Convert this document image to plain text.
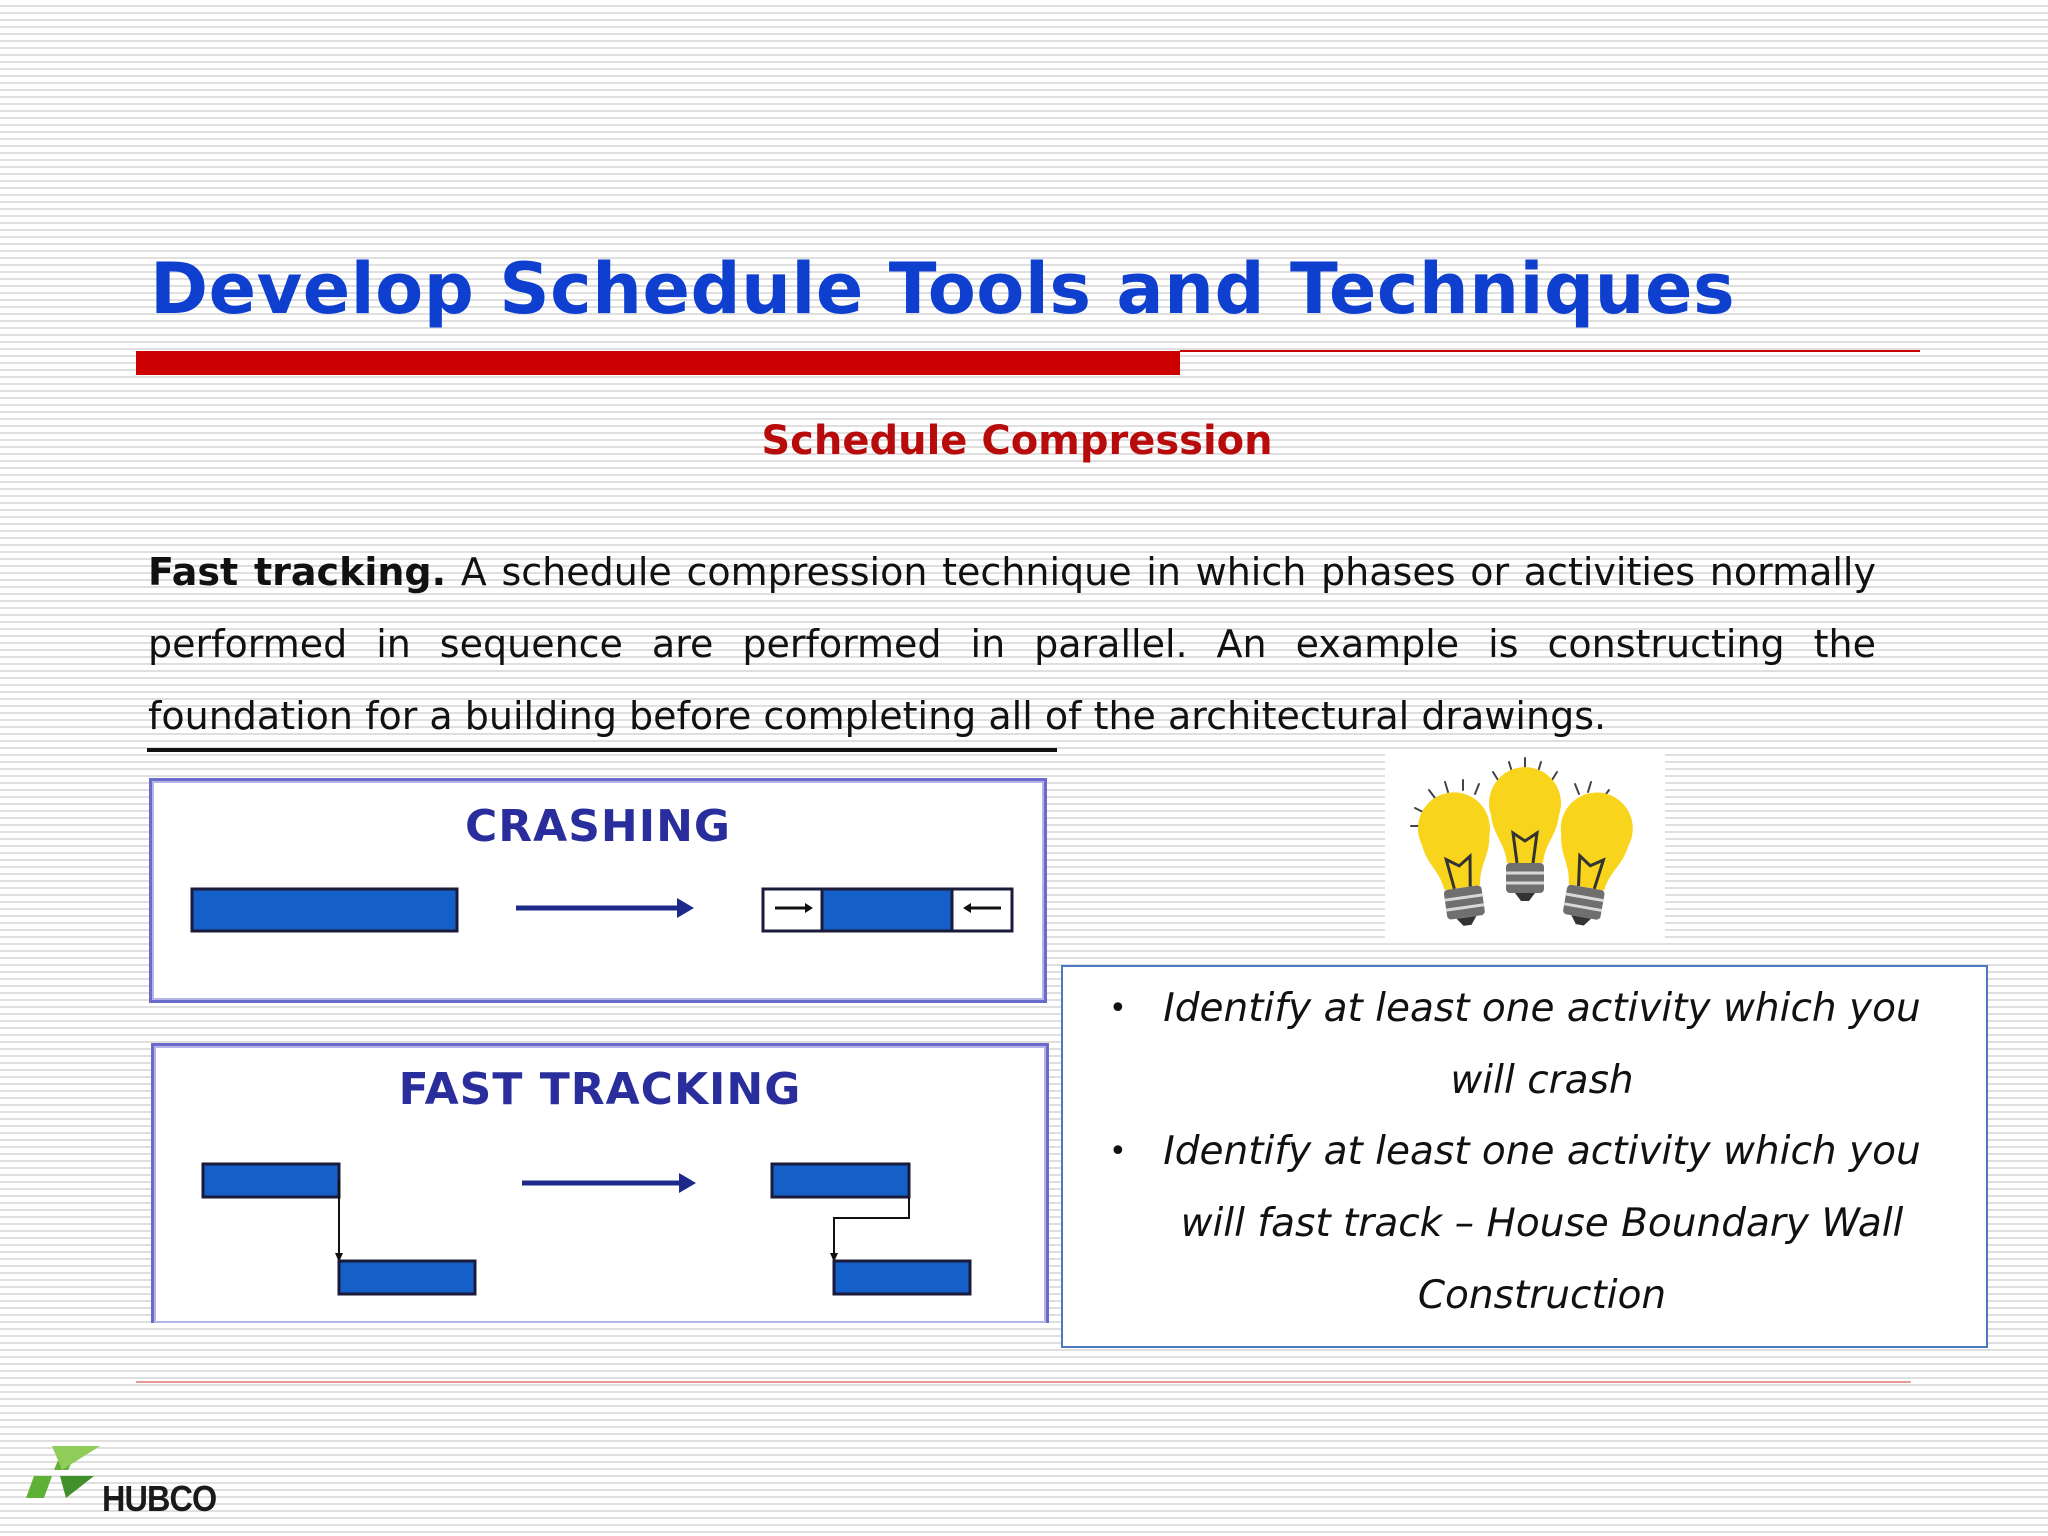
Develop Schedule Tools and Techniques
Schedule Compression
Fast tracking. A schedule compression technique in which phases or activities normally performed in sequence are performed in parallel. An example is constructing the foundation for a building before completing all of the architectural drawings.
CRASHING
FAST TRACKING
• Identify at least one activity which you will crash
• Identify at least one activity which you will fast track – House Boundary Wall Construction
HUBCO
